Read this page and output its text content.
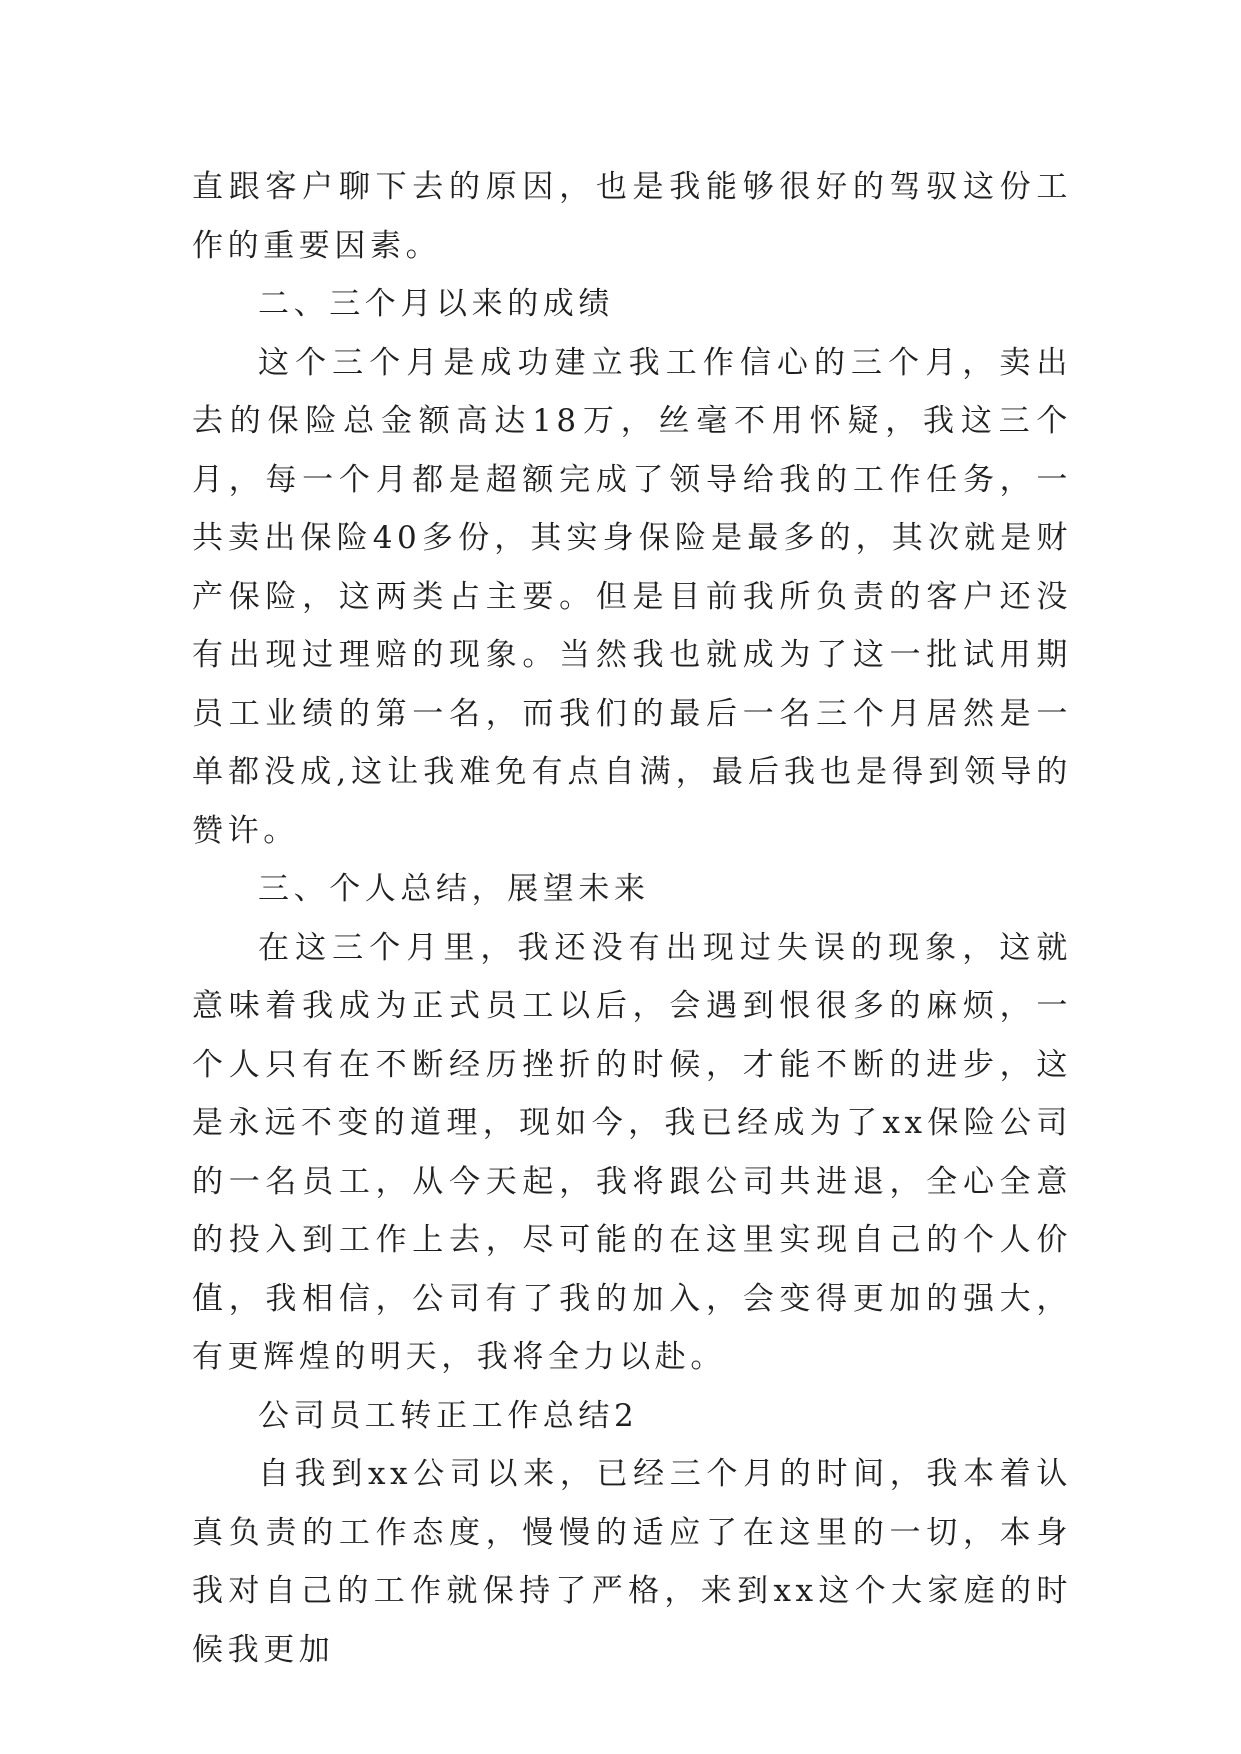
直跟客户聊下去的原因，也是我能够很好的驾驭这份工作的重要因素。

二、三个月以来的成绩

这个三个月是成功建立我工作信心的三个月，卖出去的保险总金额高达18万，丝毫不用怀疑，我这三个月，每一个月都是超额完成了领导给我的工作任务，一共卖出保险40多份，其实身保险是最多的，其次就是财产保险，这两类占主要。但是目前我所负责的客户还没有出现过理赔的现象。当然我也就成为了这一批试用期员工业绩的第一名，而我们的最后一名三个月居然是一单都没成,这让我难免有点自满，最后我也是得到领导的赞许。

三、个人总结，展望未来

在这三个月里，我还没有出现过失误的现象，这就意味着我成为正式员工以后，会遇到恨很多的麻烦，一个人只有在不断经历挫折的时候，才能不断的进步，这是永远不变的道理，现如今，我已经成为了xx保险公司的一名员工，从今天起，我将跟公司共进退，全心全意的投入到工作上去，尽可能的在这里实现自己的个人价值，我相信，公司有了我的加入，会变得更加的强大，有更辉煌的明天，我将全力以赴。

公司员工转正工作总结2

自我到xx公司以来，已经三个月的时间，我本着认真负责的工作态度，慢慢的适应了在这里的一切，本身我对自己的工作就保持了严格，来到xx这个大家庭的时候我更加
